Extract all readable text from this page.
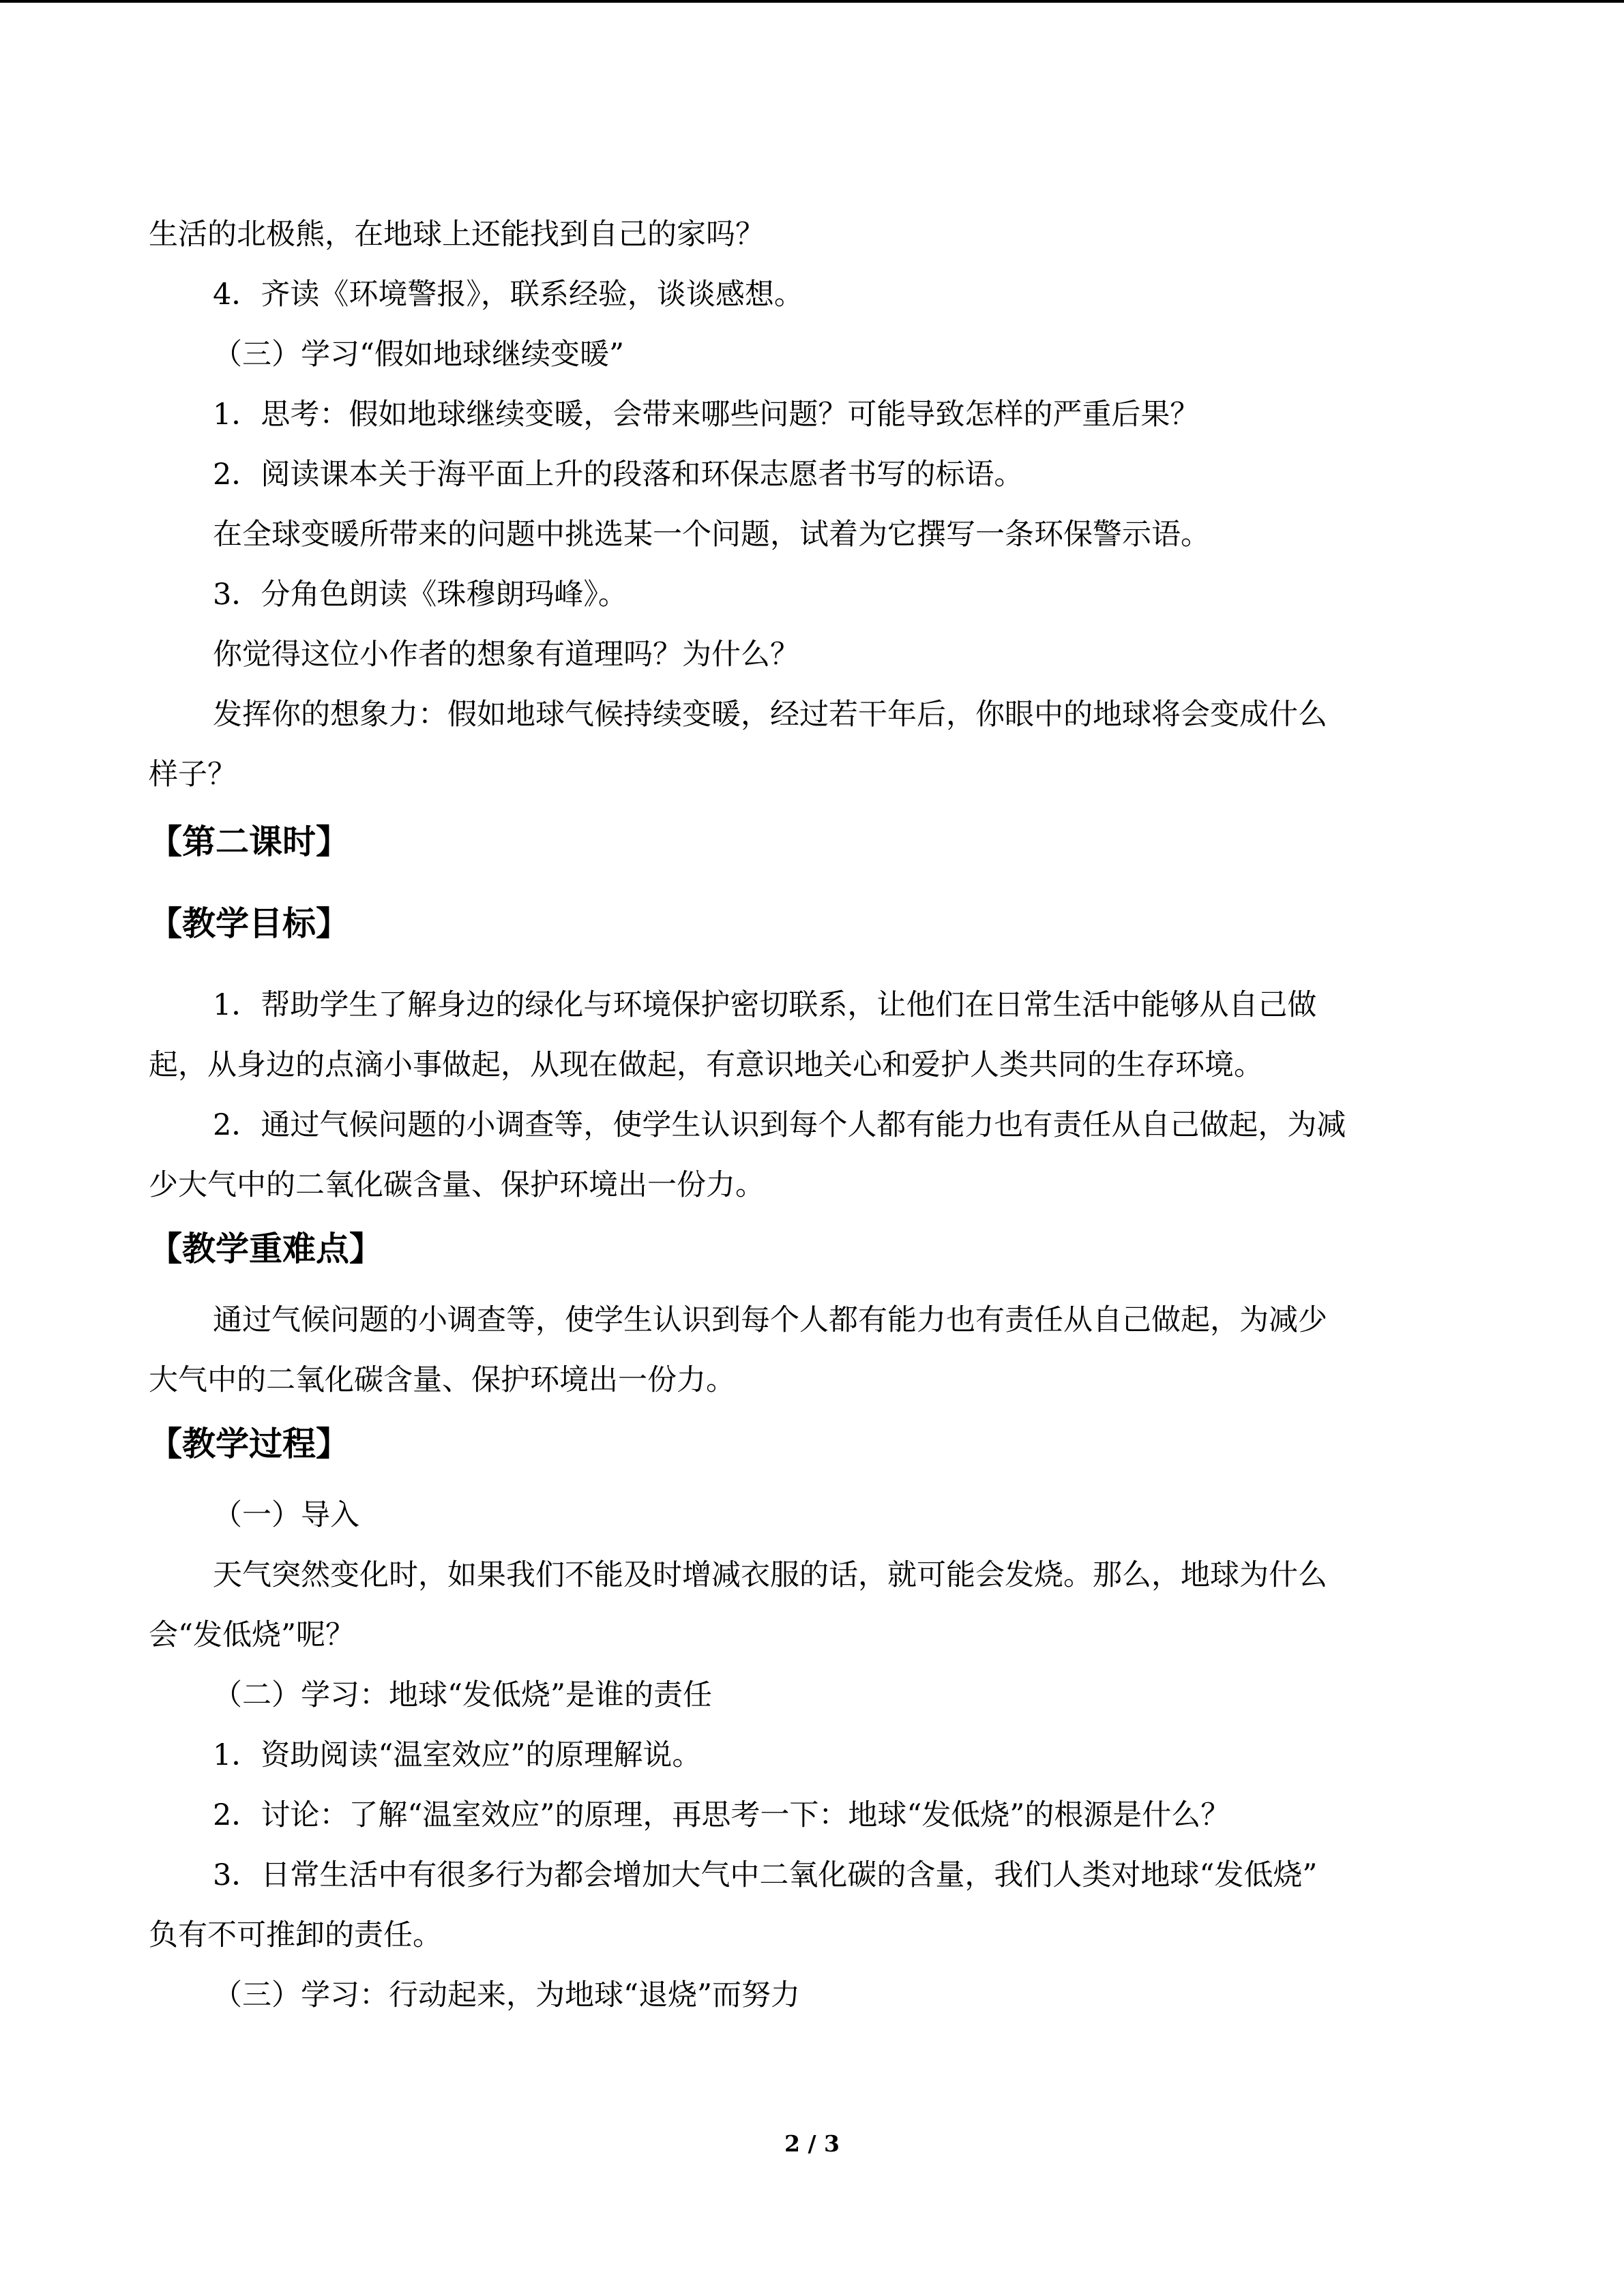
生活的北极熊，在地球上还能找到自己的家吗？

4．齐读《环境警报》，联系经验，谈谈感想。

（三）学习“假如地球继续变暖”

1．思考：假如地球继续变暖，会带来哪些问题？可能导致怎样的严重后果？

2．阅读课本关于海平面上升的段落和环保志愿者书写的标语。

在全球变暖所带来的问题中挑选某一个问题，试着为它撰写一条环保警示语。

3．分角色朗读《珠穆朗玛峰》。

你觉得这位小作者的想象有道理吗？为什么？

发挥你的想象力：假如地球气候持续变暖，经过若干年后，你眼中的地球将会变成什么

样子？

【第二课时】
【教学目标】

1．帮助学生了解身边的绿化与环境保护密切联系，让他们在日常生活中能够从自己做

起，从身边的点滴小事做起，从现在做起，有意识地关心和爱护人类共同的生存环境。

2．通过气候问题的小调查等，使学生认识到每个人都有能力也有责任从自己做起，为减

少大气中的二氧化碳含量、保护环境出一份力。

【教学重难点】

通过气候问题的小调查等，使学生认识到每个人都有能力也有责任从自己做起，为减少

大气中的二氧化碳含量、保护环境出一份力。

【教学过程】

（一）导入

天气突然变化时，如果我们不能及时增减衣服的话，就可能会发烧。那么，地球为什么

会“发低烧”呢？

（二）学习：地球“发低烧”是谁的责任

1．资助阅读“温室效应”的原理解说。

2．讨论：了解“温室效应”的原理，再思考一下：地球“发低烧”的根源是什么？

3．日常生活中有很多行为都会增加大气中二氧化碳的含量，我们人类对地球“发低烧”

负有不可推卸的责任。

（三）学习：行动起来，为地球“退烧”而努力

2 / 3
